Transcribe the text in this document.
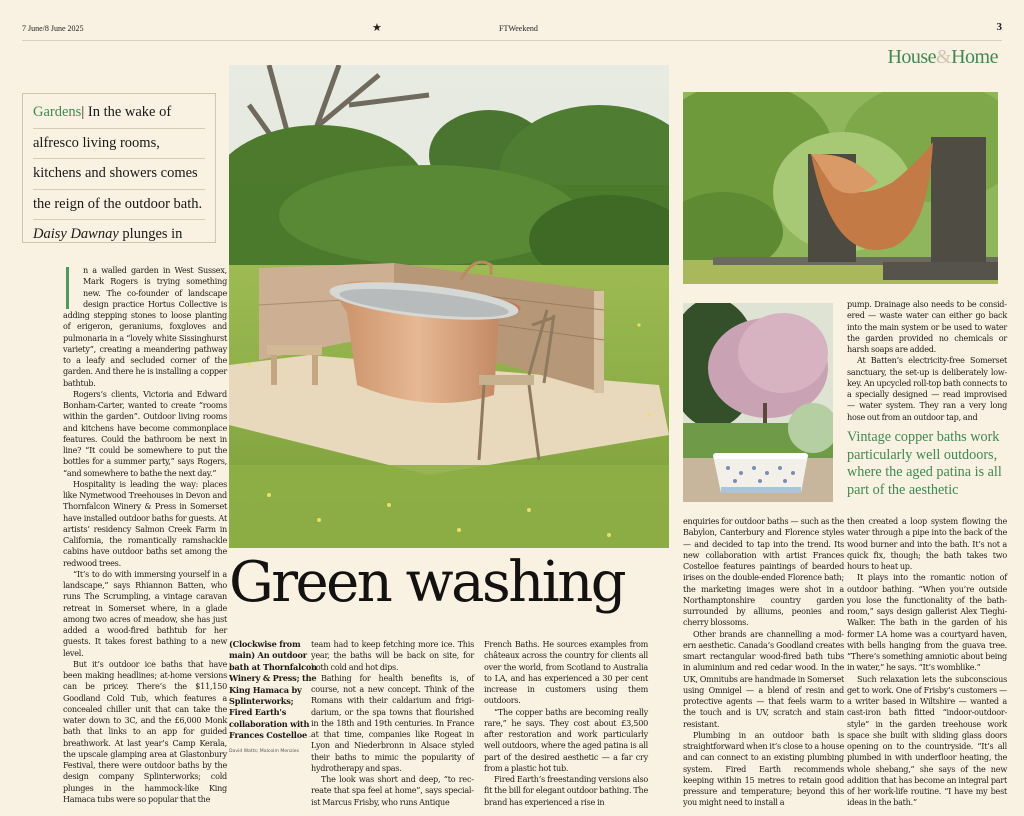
7 June/8 June 2025	★	FTWeekend	3
House&Home
Gardens| In the wake of
alfresco living rooms,
kitchens and showers comes
the reign of the outdoor bath.
Daisy Dawnay plunges in

n a walled garden in West Sussex, Mark Rogers is trying something new. The co-founder of landscape design practice Hortus Collective is adding stepping stones to loose planting of erigeron, geraniums, foxgloves and pulmonaria in a “lovely white Sissinghurst variety”, creating a meandering pathway to a leafy and secluded corner of the garden. And there he is installing a copper bathtub.

Rogers’s clients, Victoria and Edward Bonham-Carter, wanted to create “rooms within the garden”. Outdoor living rooms and kitchens have become commonplace features. Could the bathroom be next in line? “It could be somewhere to put the bottles for a summer party,” says Rogers, “and somewhere to bathe the next day.”

Hospitality is leading the way: places like Nymetwood Treehouses in Devon and Thornfalcon Winery & Press in Somerset have installed outdoor baths for guests. At artists’ residency Salmon Creek Farm in California, the romantically ramshackle cabins have outdoor baths set among the redwood trees.

“It’s to do with immersing yourself in a landscape,” says Rhiannon Batten, who runs The Scrumpling, a vintage caravan retreat in Somerset where, in a glade among two acres of meadow, she has just added a wood-fired bathtub for her guests. It takes forest bathing to a new level.

But it’s outdoor ice baths that have been making headlines; at-home versions can be pricey. There’s the $11,150 Goodland Cold Tub, which features a concealed chiller unit that can take the water down to 3C, and the £6,000 Monk bath that links to an app for guided breathwork. At last year’s Camp Kerala, the upscale glamping area at Glastonbury Festival, there were outdoor baths by the design company Splinterworks; cold plunges in the hammock-like King Hamaca tubs were so popular that the

Green washing
(Clockwise from main) An outdoor bath at Thornfalcon Winery & Press; the King Hamaca by Splinterworks; Fired Earth's collaboration with Frances Costelloe — David Watts; Malcolm Menzies

team had to keep fetching more ice. This year, the baths will be back on site, for both cold and hot dips.

Bathing for health benefits is, of course, not a new concept. Think of the Romans with their caldarium and frigidarium, or the spa towns that flourished in the 18th and 19th centuries. In France at that time, companies like Rogeat in Lyon and Niederbronn in Alsace styled their baths to mimic the popularity of hydrotherapy and spas.

The look was short and deep, “to recreate that spa feel at home”, says specialist Marcus Frisby, who runs Antique

French Baths. He sources examples from châteaux across the country for clients all over the world, from Scotland to Australia to LA, and has experienced a 30 per cent increase in customers using them outdoors.

“The copper baths are becoming really rare,” he says. They cost about £3,500 after restoration and work particularly well outdoors, where the aged patina is all part of the desired aesthetic — a far cry from a plastic hot tub.

Fired Earth’s freestanding versions also fit the bill for elegant outdoor bathing. The brand has experienced a rise in

enquiries for outdoor baths — such as the Babylon, Canterbury and Florence styles — and decided to tap into the trend. Its new collaboration with artist Frances Costelloe features paintings of bearded irises on the double-ended Florence bath; the marketing images were shot in a Northamptonshire country garden surrounded by alliums, peonies and cherry blossoms.

Other brands are channelling a modern aesthetic. Canada’s Goodland creates smart rectangular wood-fired bath tubs in aluminium and red cedar wood. In the UK, Omnitubs are handmade in Somerset using Omnigel — a blend of resin and protective agents — that feels warm to the touch and is UV, scratch and stain resistant.

Plumbing in an outdoor bath is straightforward when it’s close to a house and can connect to an existing plumbing system. Fired Earth recommends keeping within 15 metres to retain good pressure and temperature; beyond this you might need to install a

pump. Drainage also needs to be considered — waste water can either go back into the main system or be used to water the garden provided no chemicals or harsh soaps are added.

At Batten’s electricity-free Somerset sanctuary, the set-up is deliberately low-key. An upcycled roll-top bath connects to a specially designed — read improvised — water system. They ran a very long hose out from an outdoor tap, and

Vintage copper baths work particularly well outdoors, where the aged patina is all part of the aesthetic

then created a loop system flowing the water through a pipe into the back of the wood burner and into the bath. It’s not a quick fix, though; the bath takes two hours to heat up.

It plays into the romantic notion of outdoor bathing. “When you’re outside you lose the functionality of the bathroom,” says design gallerist Alex Tieghi-Walker. The bath in the garden of his former LA home was a courtyard haven, with bells hanging from the guava tree. “There’s something amniotic about being in water,” he says. “It’s womblike.”

Such relaxation lets the subconscious get to work. One of Frisby’s customers — a writer based in Wiltshire — wanted a cast-iron bath fitted “indoor-outdoor-style” in the garden treehouse work space she built with sliding glass doors opening on to the countryside. “It’s all plumbed in with underfloor heating, the whole shebang,” she says of the new addition that has become an integral part of her work-life routine. “I have my best ideas in the bath.”
